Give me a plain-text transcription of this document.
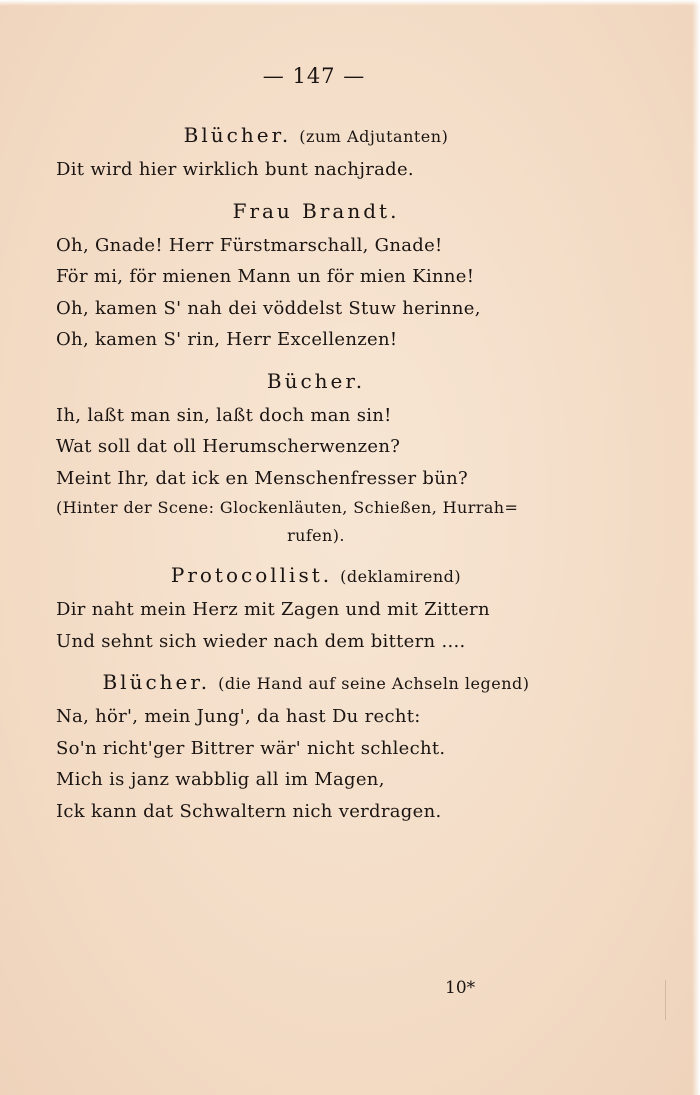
— 147 —
Blücher. (zum Adjutanten)
Dit wird hier wirklich bunt nachjrade.
Frau Brandt.
Oh, Gnade! Herr Fürstmarschall, Gnade!
För mi, för mienen Mann un för mien Kinne!
Oh, kamen S' nah dei vöddelst Stuw herinne,
Oh, kamen S' rin, Herr Excellenzen!
Bücher.
Ih, laßt man sin, laßt doch man sin!
Wat soll dat oll Herumscherwenzen?
Meint Ihr, dat ick en Menschenfresser bün?
(Hinter der Scene: Glockenläuten, Schießen, Hurrah=
rufen).
Protocollist. (deklamirend)
Dir naht mein Herz mit Zagen und mit Zittern
Und sehnt sich wieder nach dem bittern ....
Blücher. (die Hand auf seine Achseln legend)
Na, hör', mein Jung', da hast Du recht:
So'n richt'ger Bittrer wär' nicht schlecht.
Mich is janz wabblig all im Magen,
Ick kann dat Schwaltern nich verdragen.
10*
